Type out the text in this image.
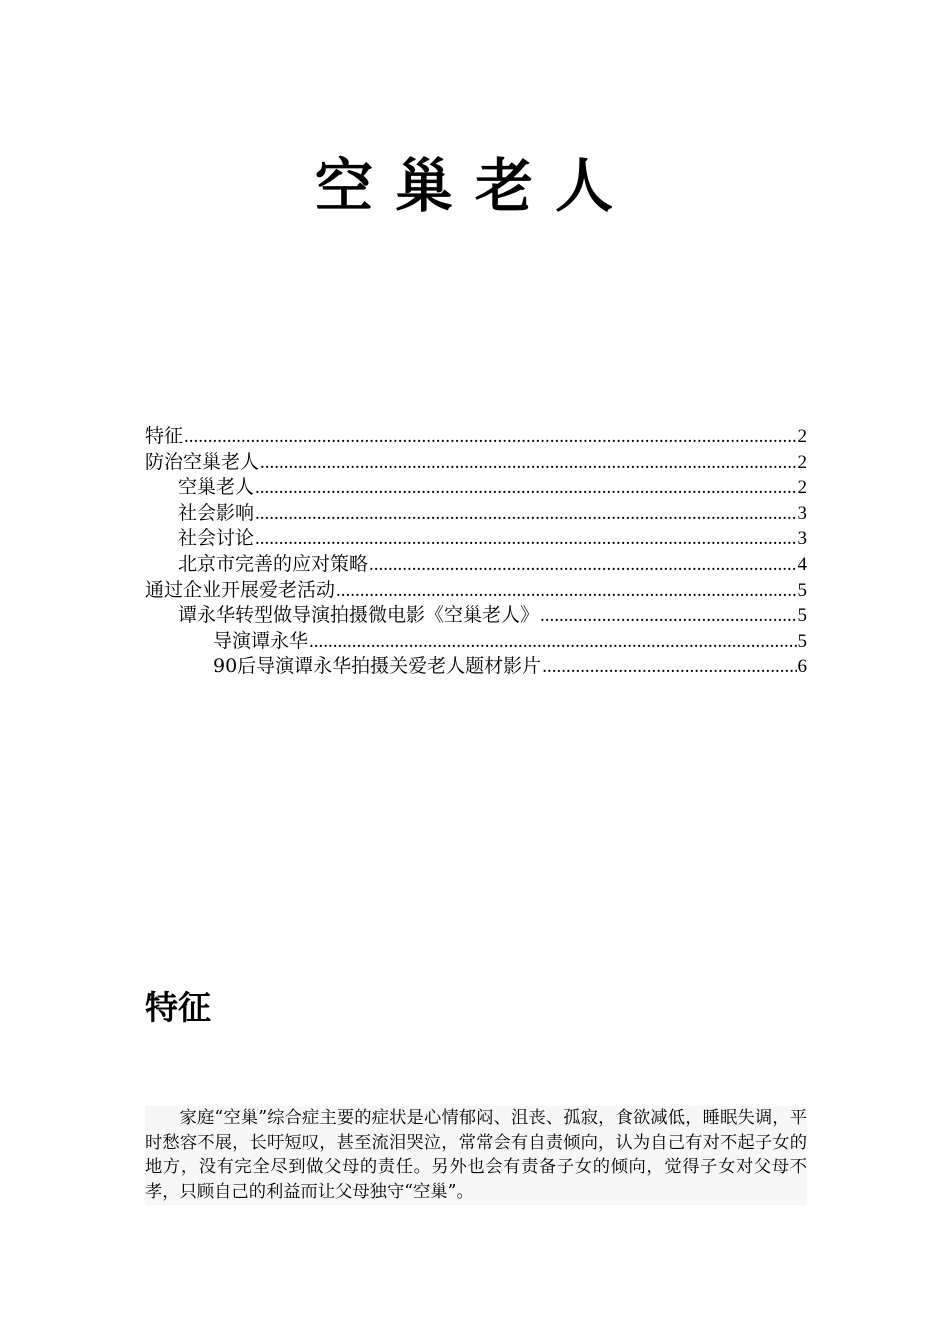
空巢老人
特征 .....	2
防治空巢老人 .....	2
空巢老人 .....	2
社会影响 .....	3
社会讨论 .....	3
北京市完善的应对策略 .....	4
通过企业开展爱老活动 .....	5
谭永华转型做导演拍摄微电影《空巢老人》 .....	5
导演谭永华 .....	5
90后导演谭永华拍摄关爱老人题材影片 .....	6
特征
家庭“空巢”综合症主要的症状是心情郁闷、沮丧、孤寂，食欲减低，睡眠失调，平时愁容不展，长吁短叹，甚至流泪哭泣，常常会有自责倾向，认为自己有对不起子女的地方，没有完全尽到做父母的责任。另外也会有责备子女的倾向，觉得子女对父母不孝，只顾自己的利益而让父母独守“空巢”。
